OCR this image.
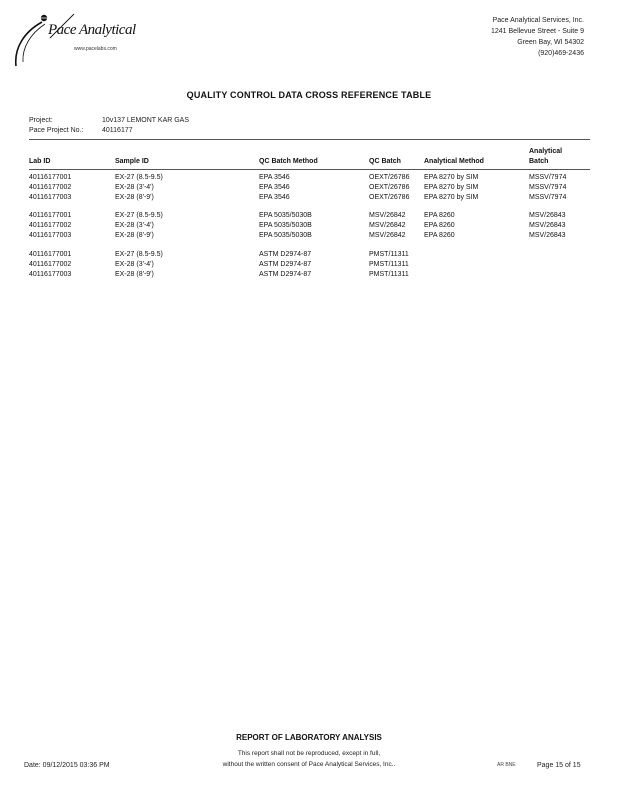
Pace Analytical
www.pacelabs.com
Pace Analytical Services, Inc.
1241 Bellevue Street - Suite 9
Green Bay, WI 54302
(920)469-2436
QUALITY CONTROL DATA CROSS REFERENCE TABLE
Project:	10v137 LEMONT KAR GAS
Pace Project No.:	40116177
Lab ID	Sample ID	QC Batch Method	QC Batch	Analytical Method
Analytical
Batch
40116177001	EX-27 (8.5-9.5)	EPA 3546	OEXT/26786 EPA 8270 by SIM	MSSV/7974
40116177002	EX-28 (3'-4')	EPA 3546	OEXT/26786 EPA 8270 by SIM	MSSV/7974
40116177003	EX-28 (8'-9')	EPA 3546	OEXT/26786 EPA 8270 by SIM	MSSV/7974
40116177001	EX-27 (8.5-9.5)	EPA 5035/5030B	MSV/26842	EPA 8260	MSV/26843
40116177002	EX-28 (3'-4')	EPA 5035/5030B	MSV/26842	EPA 8260	MSV/26843
40116177003	EX-28 (8'-9')	EPA 5035/5030B	MSV/26842	EPA 8260	MSV/26843
40116177001	EX-27 (8.5-9.5)	ASTM D2974-87	PMST/11311
40116177002	EX-28 (3'-4')	ASTM D2974-87	PMST/11311
40116177003	EX-28 (8'-9')	ASTM D2974-87	PMST/11311
REPORT OF LABORATORY ANALYSIS
This report shall not be reproduced, except in full,
without the written consent of Pace Analytical Services, Inc..
Date: 09/12/2015 03:36 PM	AR BNE	Page 15 of 15
